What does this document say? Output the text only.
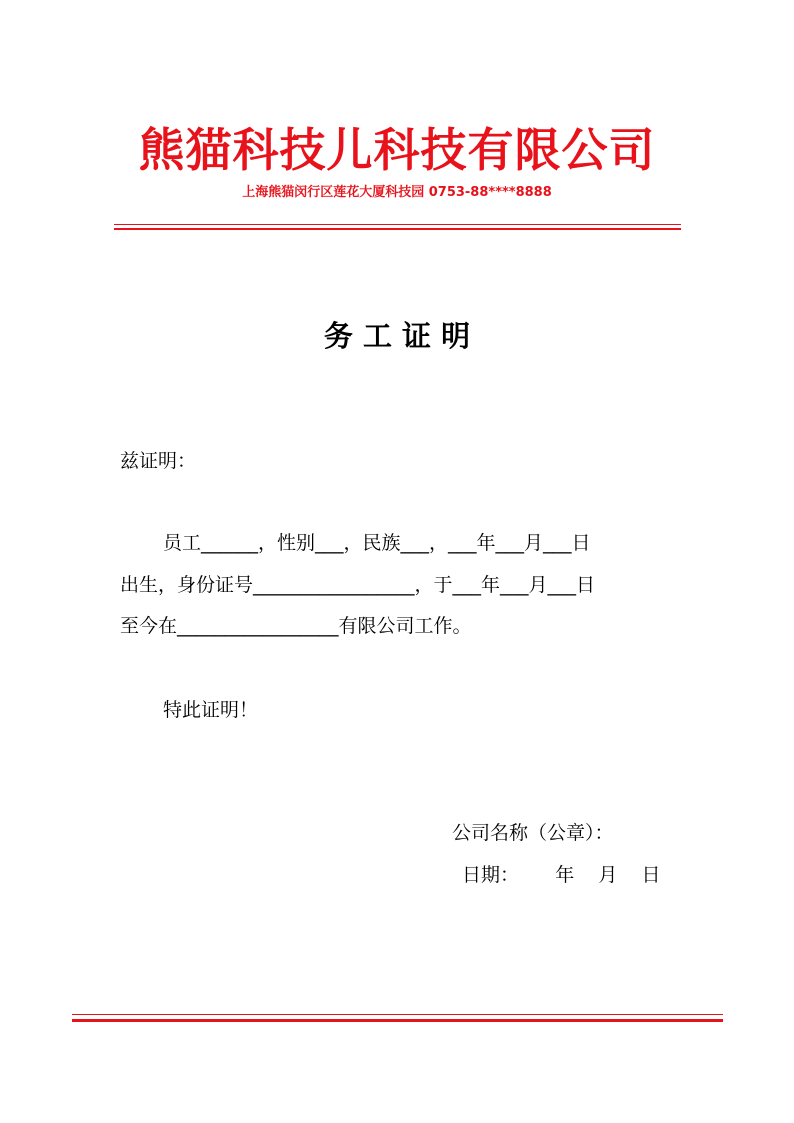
熊猫科技儿科技有限公司
上海熊猫闵行区莲花大厦科技园 0753-88****8888
务 工 证 明
兹证明：
员工______，性别___，民族___，___年___月___日
出生，身份证号_________________，于___年___月___日
至今在_________________有限公司工作。
特此证明！
公司名称（公章）：
日期：      年    月    日
